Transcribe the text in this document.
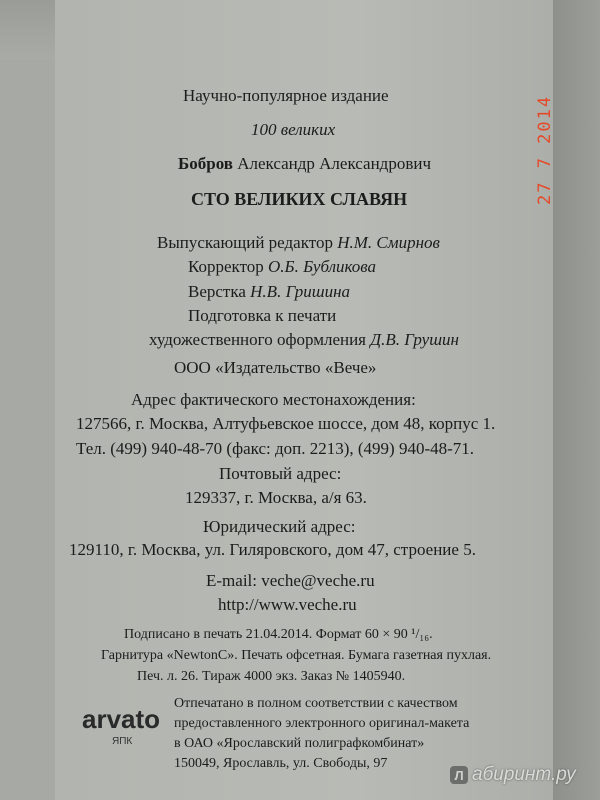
Научно-популярное издание

100 великих

Бобров Александр Александрович

СТО ВЕЛИКИХ СЛАВЯН

Выпускающий редактор Н.М. Смирнов

Корректор О.Б. Бубликова

Верстка Н.В. Гришина

Подготовка к печати

художественного оформления Д.В. Грушин

ООО «Издательство «Вече»

Адрес фактического местонахождения:

127566, г. Москва, Алтуфьевское шоссе, дом 48, корпус 1.

Тел. (499) 940-48-70 (факс: доп. 2213), (499) 940-48-71.

Почтовый адрес:

129337, г. Москва, а/я 63.

Юридический адрес:

129110, г. Москва, ул. Гиляровского, дом 47, строение 5.

E-mail: veche@veche.ru

http://www.veche.ru

Подписано в печать 21.04.2014. Формат 60 × 90 ¹/₁₆.

Гарнитура «NewtonC». Печать офсетная. Бумага газетная пухлая.

Печ. л. 26. Тираж 4000 экз. Заказ № 1405940.

arvato
ЯПК

Отпечатано в полном соответствии с качеством

предоставленного электронного оригинал-макета

в ОАО «Ярославский полиграфкомбинат»

150049, Ярославль, ул. Свободы, 97

27 7 2014
Л абиринт.ру
